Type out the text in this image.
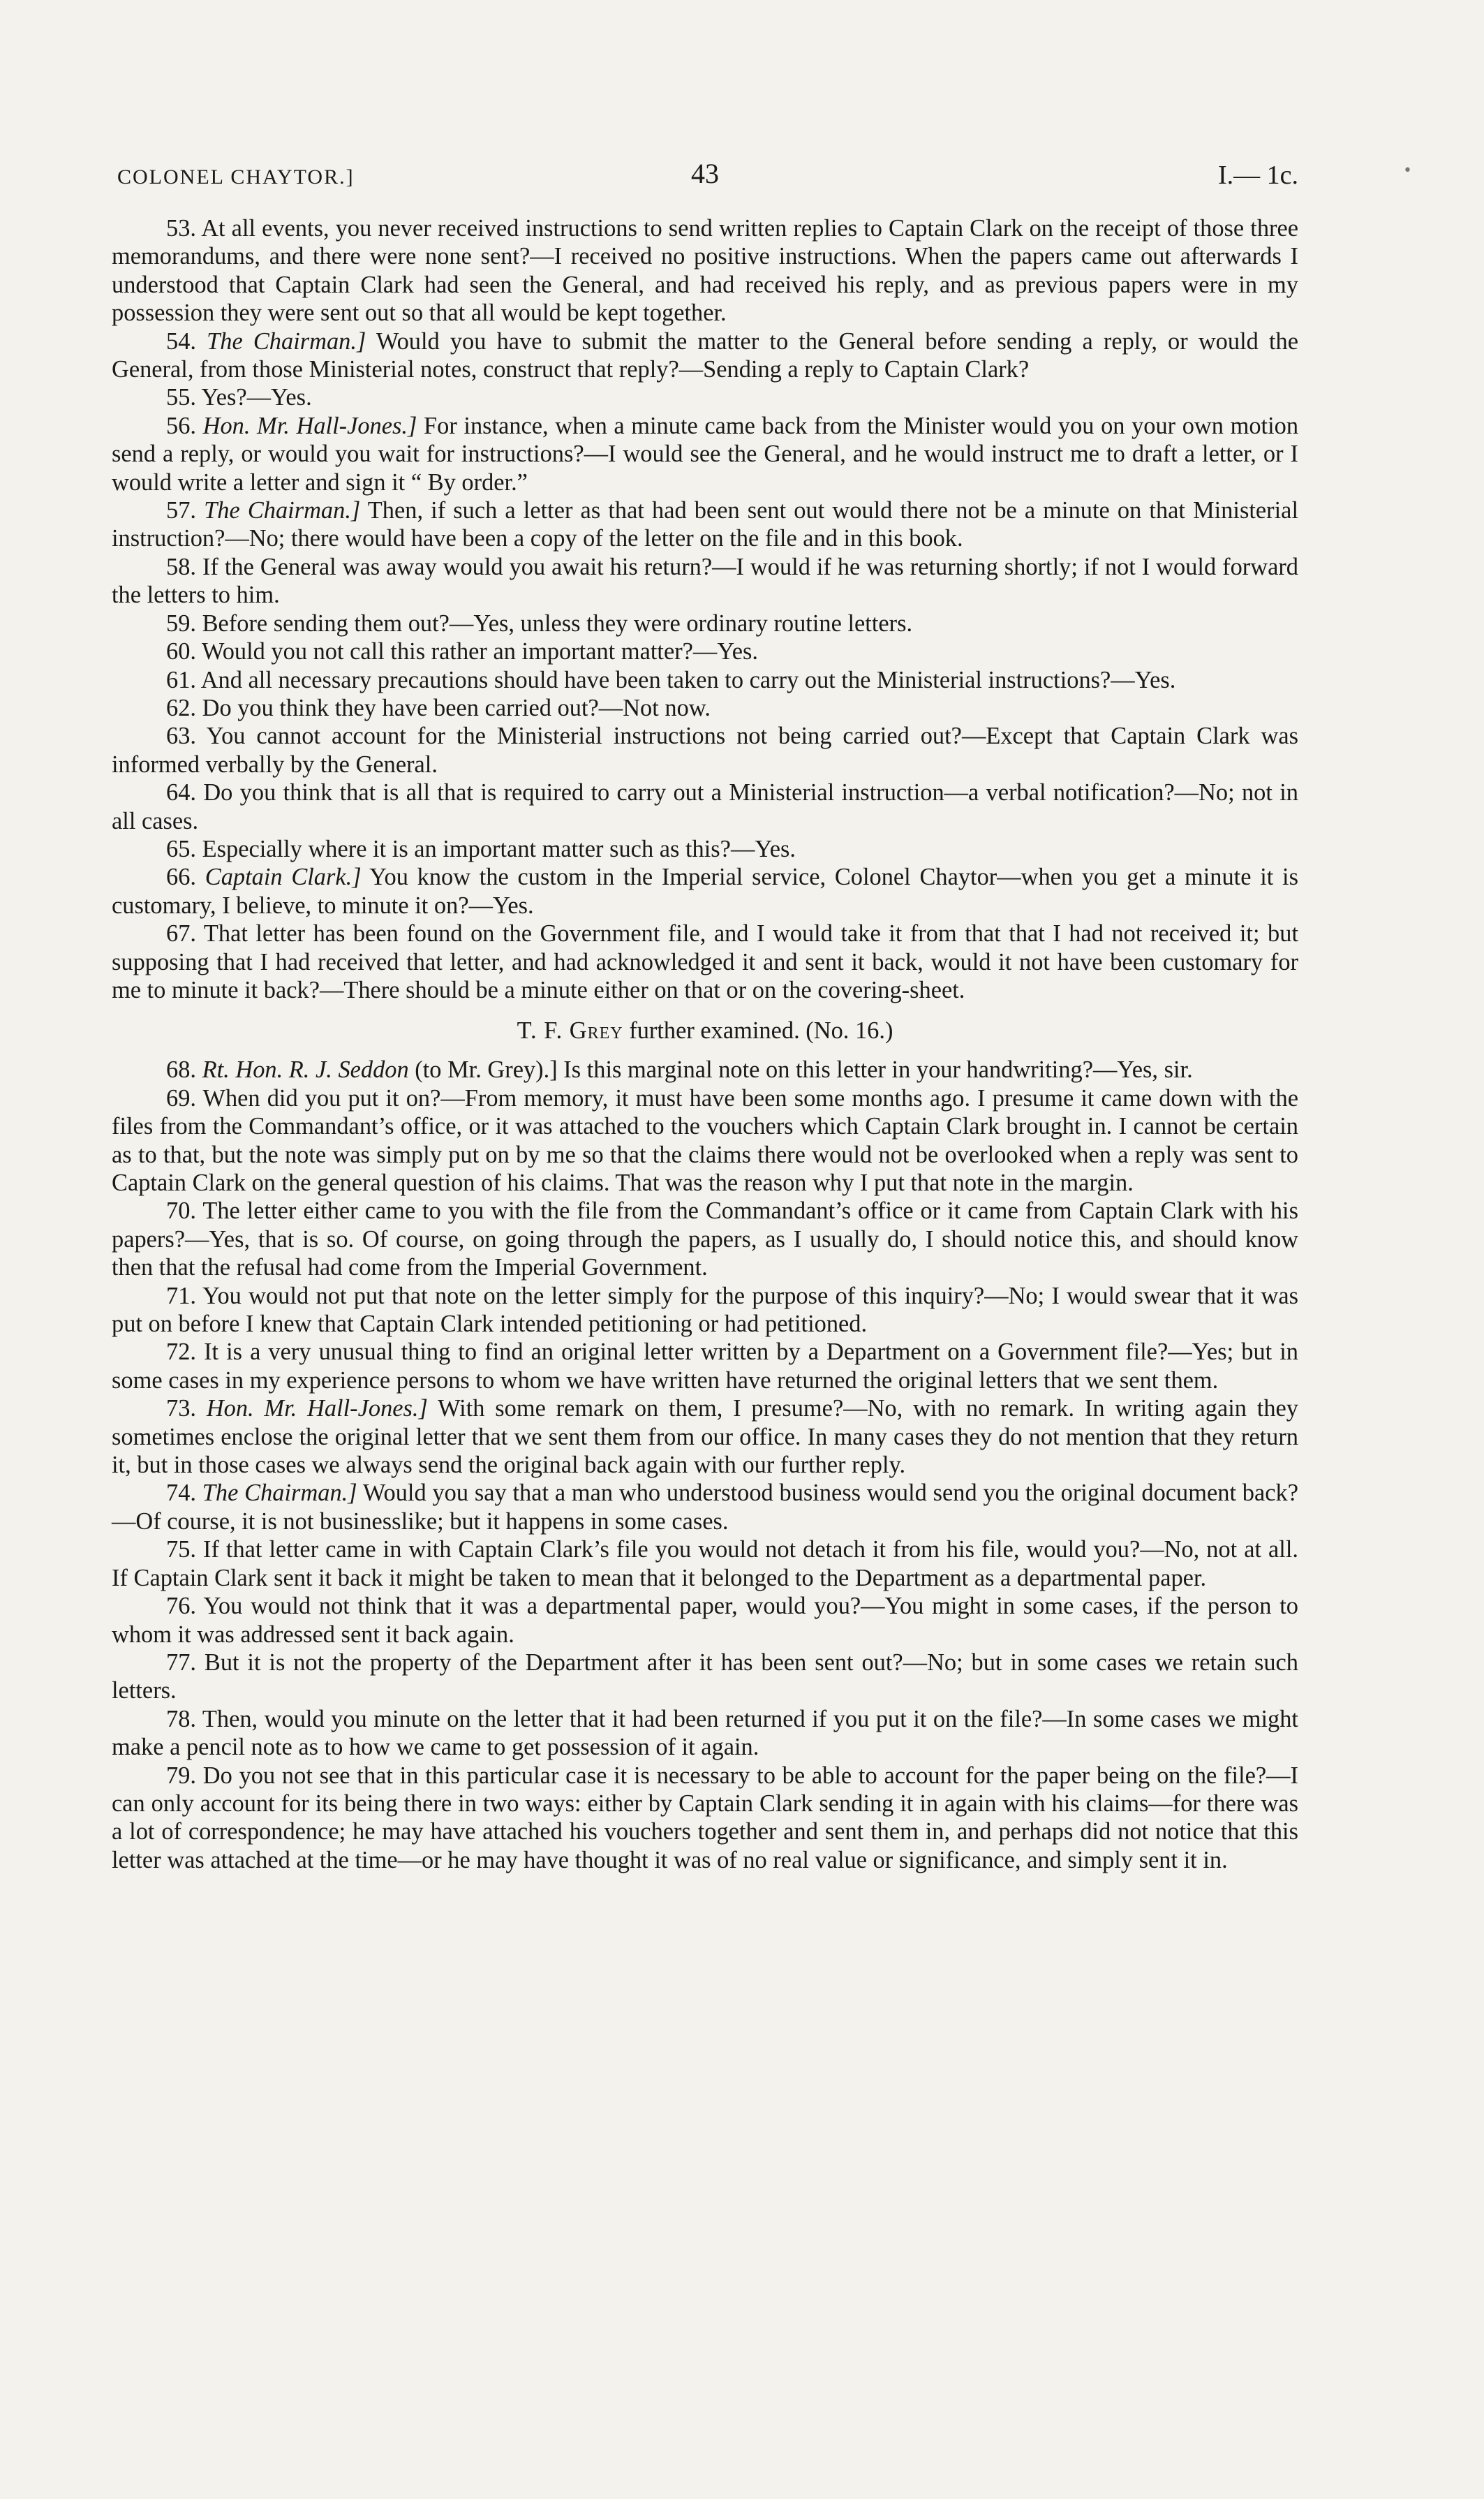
COLONEL CHAYTOR.]	43	I.— 1c.

53. At all events, you never received instructions to send written replies to Captain Clark on the receipt of those three memorandums, and there were none sent?—I received no positive instructions. When the papers came out afterwards I understood that Captain Clark had seen the General, and had received his reply, and as previous papers were in my possession they were sent out so that all would be kept together.

54. The Chairman.] Would you have to submit the matter to the General before sending a reply, or would the General, from those Ministerial notes, construct that reply?—Sending a reply to Captain Clark?

55. Yes?—Yes.

56. Hon. Mr. Hall-Jones.] For instance, when a minute came back from the Minister would you on your own motion send a reply, or would you wait for instructions?—I would see the General, and he would instruct me to draft a letter, or I would write a letter and sign it “ By order.”

57. The Chairman.] Then, if such a letter as that had been sent out would there not be a minute on that Ministerial instruction?—No; there would have been a copy of the letter on the file and in this book.

58. If the General was away would you await his return?—I would if he was returning shortly; if not I would forward the letters to him.

59. Before sending them out?—Yes, unless they were ordinary routine letters.

60. Would you not call this rather an important matter?—Yes.

61. And all necessary precautions should have been taken to carry out the Ministerial instructions?—Yes.

62. Do you think they have been carried out?—Not now.

63. You cannot account for the Ministerial instructions not being carried out?—Except that Captain Clark was informed verbally by the General.

64. Do you think that is all that is required to carry out a Ministerial instruction—a verbal notification?—No; not in all cases.

65. Especially where it is an important matter such as this?—Yes.

66. Captain Clark.] You know the custom in the Imperial service, Colonel Chaytor—when you get a minute it is customary, I believe, to minute it on?—Yes.

67. That letter has been found on the Government file, and I would take it from that that I had not received it; but supposing that I had received that letter, and had acknowledged it and sent it back, would it not have been customary for me to minute it back?—There should be a minute either on that or on the covering-sheet.

T. F. Grey further examined. (No. 16.)

68. Rt. Hon. R. J. Seddon (to Mr. Grey).] Is this marginal note on this letter in your handwriting?—Yes, sir.

69. When did you put it on?—From memory, it must have been some months ago. I presume it came down with the files from the Commandant’s office, or it was attached to the vouchers which Captain Clark brought in. I cannot be certain as to that, but the note was simply put on by me so that the claims there would not be overlooked when a reply was sent to Captain Clark on the general question of his claims. That was the reason why I put that note in the margin.

70. The letter either came to you with the file from the Commandant’s office or it came from Captain Clark with his papers?—Yes, that is so. Of course, on going through the papers, as I usually do, I should notice this, and should know then that the refusal had come from the Imperial Government.

71. You would not put that note on the letter simply for the purpose of this inquiry?—No; I would swear that it was put on before I knew that Captain Clark intended petitioning or had petitioned.

72. It is a very unusual thing to find an original letter written by a Department on a Government file?—Yes; but in some cases in my experience persons to whom we have written have returned the original letters that we sent them.

73. Hon. Mr. Hall-Jones.] With some remark on them, I presume?—No, with no remark. In writing again they sometimes enclose the original letter that we sent them from our office. In many cases they do not mention that they return it, but in those cases we always send the original back again with our further reply.

74. The Chairman.] Would you say that a man who understood business would send you the original document back?—Of course, it is not businesslike; but it happens in some cases.

75. If that letter came in with Captain Clark’s file you would not detach it from his file, would you?—No, not at all. If Captain Clark sent it back it might be taken to mean that it belonged to the Department as a departmental paper.

76. You would not think that it was a departmental paper, would you?—You might in some cases, if the person to whom it was addressed sent it back again.

77. But it is not the property of the Department after it has been sent out?—No; but in some cases we retain such letters.

78. Then, would you minute on the letter that it had been returned if you put it on the file?—In some cases we might make a pencil note as to how we came to get possession of it again.

79. Do you not see that in this particular case it is necessary to be able to account for the paper being on the file?—I can only account for its being there in two ways: either by Captain Clark sending it in again with his claims—for there was a lot of correspondence; he may have attached his vouchers together and sent them in, and perhaps did not notice that this letter was attached at the time—or he may have thought it was of no real value or significance, and simply sent it in.

•
